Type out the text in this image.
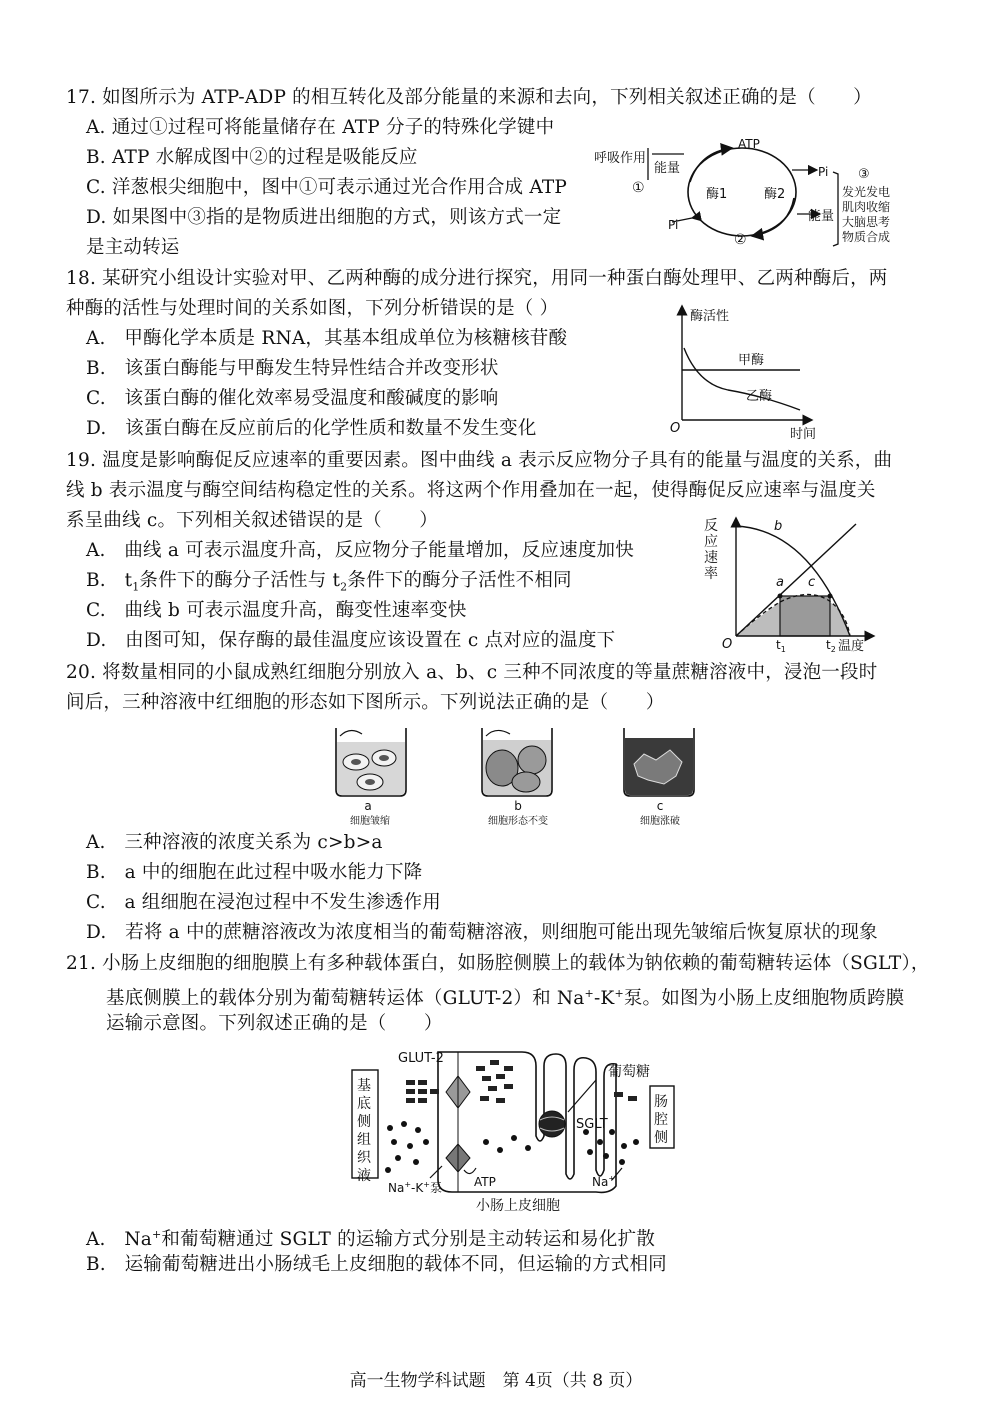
17. 如图所示为 ATP-ADP 的相互转化及部分能量的来源和去向，下列相关叙述正确的是（　　）
A. 通过①过程可将能量储存在 ATP 分子的特殊化学键中
B. ATP 水解成图中②的过程是吸能反应
C. 洋葱根尖细胞中，图中①可表示通过光合作用合成 ATP
D. 如果图中③指的是物质进出细胞的方式，则该方式一定
是主动转运
呼吸作用
①
能量
ATP
Pi
酶1	酶2
Pi
能量
②
③
发光发电
肌肉收缩
大脑思考
物质合成
18. 某研究小组设计实验对甲、乙两种酶的成分进行探究，用同一种蛋白酶处理甲、乙两种酶后，两
种酶的活性与处理时间的关系如图，下列分析错误的是（ ）
A.　甲酶化学本质是 RNA，其基本组成单位为核糖核苷酸
B.　该蛋白酶能与甲酶发生特异性结合并改变形状
C.　该蛋白酶的催化效率易受温度和酸碱度的影响
D.　该蛋白酶在反应前后的化学性质和数量不发生变化
酶活性
时间
O
甲酶
乙酶
19. 温度是影响酶促反应速率的重要因素。图中曲线 a 表示反应物分子具有的能量与温度的关系，曲
线 b 表示温度与酶空间结构稳定性的关系。将这两个作用叠加在一起，使得酶促反应速率与温度关
系呈曲线 c。下列相关叙述错误的是（　　）
A.　曲线 a 可表示温度升高，反应物分子能量增加，反应速度加快
B.　$t_1$条件下的酶分子活性与 $t_2$条件下的酶分子活性不相同
C.　曲线 b 可表示温度升高，酶变性速率变快
D.　由图可知，保存酶的最佳温度应该设置在 c 点对应的温度下
反
应
速
率
b
a c
O	$t_1$	$t_2$ 温度
20. 将数量相同的小鼠成熟红细胞分别放入 a、b、c 三种不同浓度的等量蔗糖溶液中，浸泡一段时
间后，三种溶液中红细胞的形态如下图所示。下列说法正确的是（　　）
a
细胞皱缩
b
细胞形态不变
c
细胞涨破
A.　三种溶液的浓度关系为 c>b>a
B.　a 中的细胞在此过程中吸水能力下降
C.　a 组细胞在浸泡过程中不发生渗透作用
D.　若将 a 中的蔗糖溶液改为浓度相当的葡萄糖溶液，则细胞可能出现先皱缩后恢复原状的现象
21. 小肠上皮细胞的细胞膜上有多种载体蛋白，如肠腔侧膜上的载体为钠依赖的葡萄糖转运体（SGLT），
基底侧膜上的载体分别为葡萄糖转运体（GLUT-2）和 Na+-K+泵。如图为小肠上皮细胞物质跨膜
运输示意图。下列叙述正确的是（　　）
基
底
侧
组
织
液
肠
腔
侧
GLUT-2
葡萄糖
SGLT
ATP	Na+
Na+-K+泵
小肠上皮细胞
A.　Na+和葡萄糖通过 SGLT 的运输方式分别是主动转运和易化扩散
B.　运输葡萄糖进出小肠绒毛上皮细胞的载体不同，但运输的方式相同
高一生物学科试题　第 4页（共 8 页）
